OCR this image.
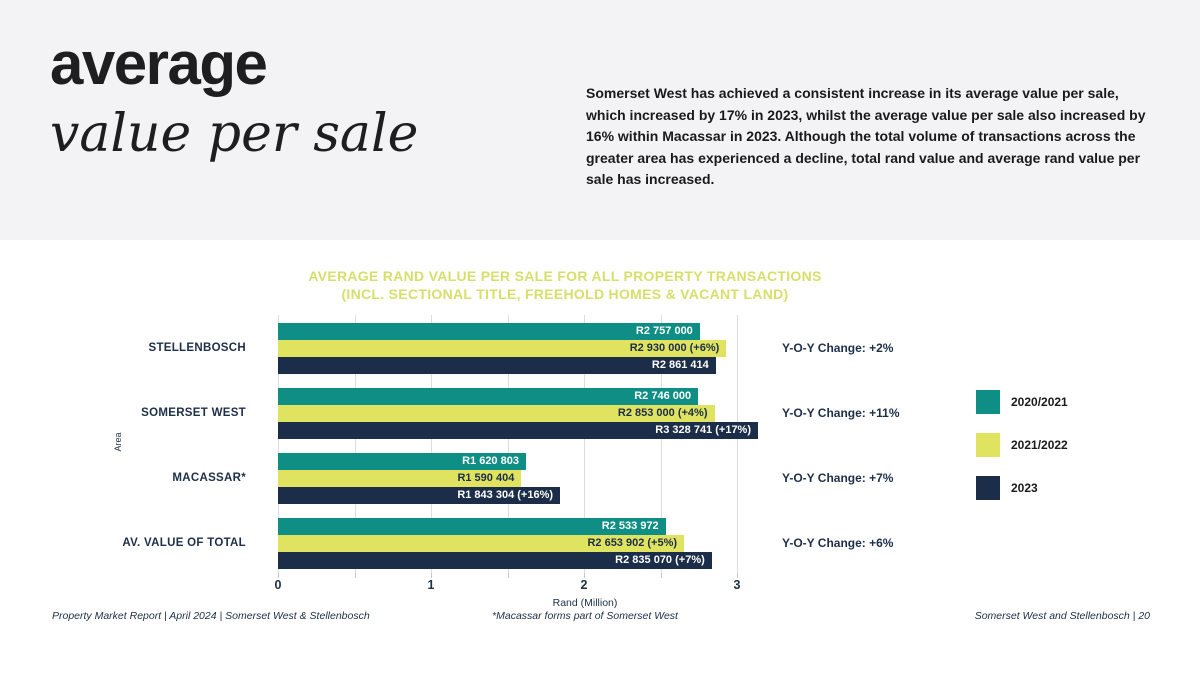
average
value per sale
Somerset West has achieved a consistent increase in its average value per sale, which increased by 17% in 2023, whilst the average value per sale also increased by 16% within Macassar in 2023. Although the total volume of transactions across the greater area has experienced a decline, total rand value and average rand value per sale has increased.
AVERAGE RAND VALUE PER SALE FOR ALL PROPERTY TRANSACTIONS
(INCL. SECTIONAL TITLE, FREEHOLD HOMES & VACANT LAND)
Area
R2 757 000
R2 930 000 (+6%)
R2 861 414
R2 746 000
R2 853 000 (+4%)
R3 328 741 (+17%)
R1 620 803
R1 590 404
R1 843 304 (+16%)
R2 533 972
R2 653 902 (+5%)
R2 835 070 (+7%)
STELLENBOSCH
SOMERSET WEST
MACASSAR*
AV. VALUE OF TOTAL
Y-O-Y Change: +2%
Y-O-Y Change: +11%
Y-O-Y Change: +7%
Y-O-Y Change: +6%
0	1	2	3
Rand (Million)
2020/2021
2021/2022
2023
Property Market Report | April 2024 | Somerset West & Stellenbosch	*Macassar forms part of Somerset West	Somerset West and Stellenbosch | 20
